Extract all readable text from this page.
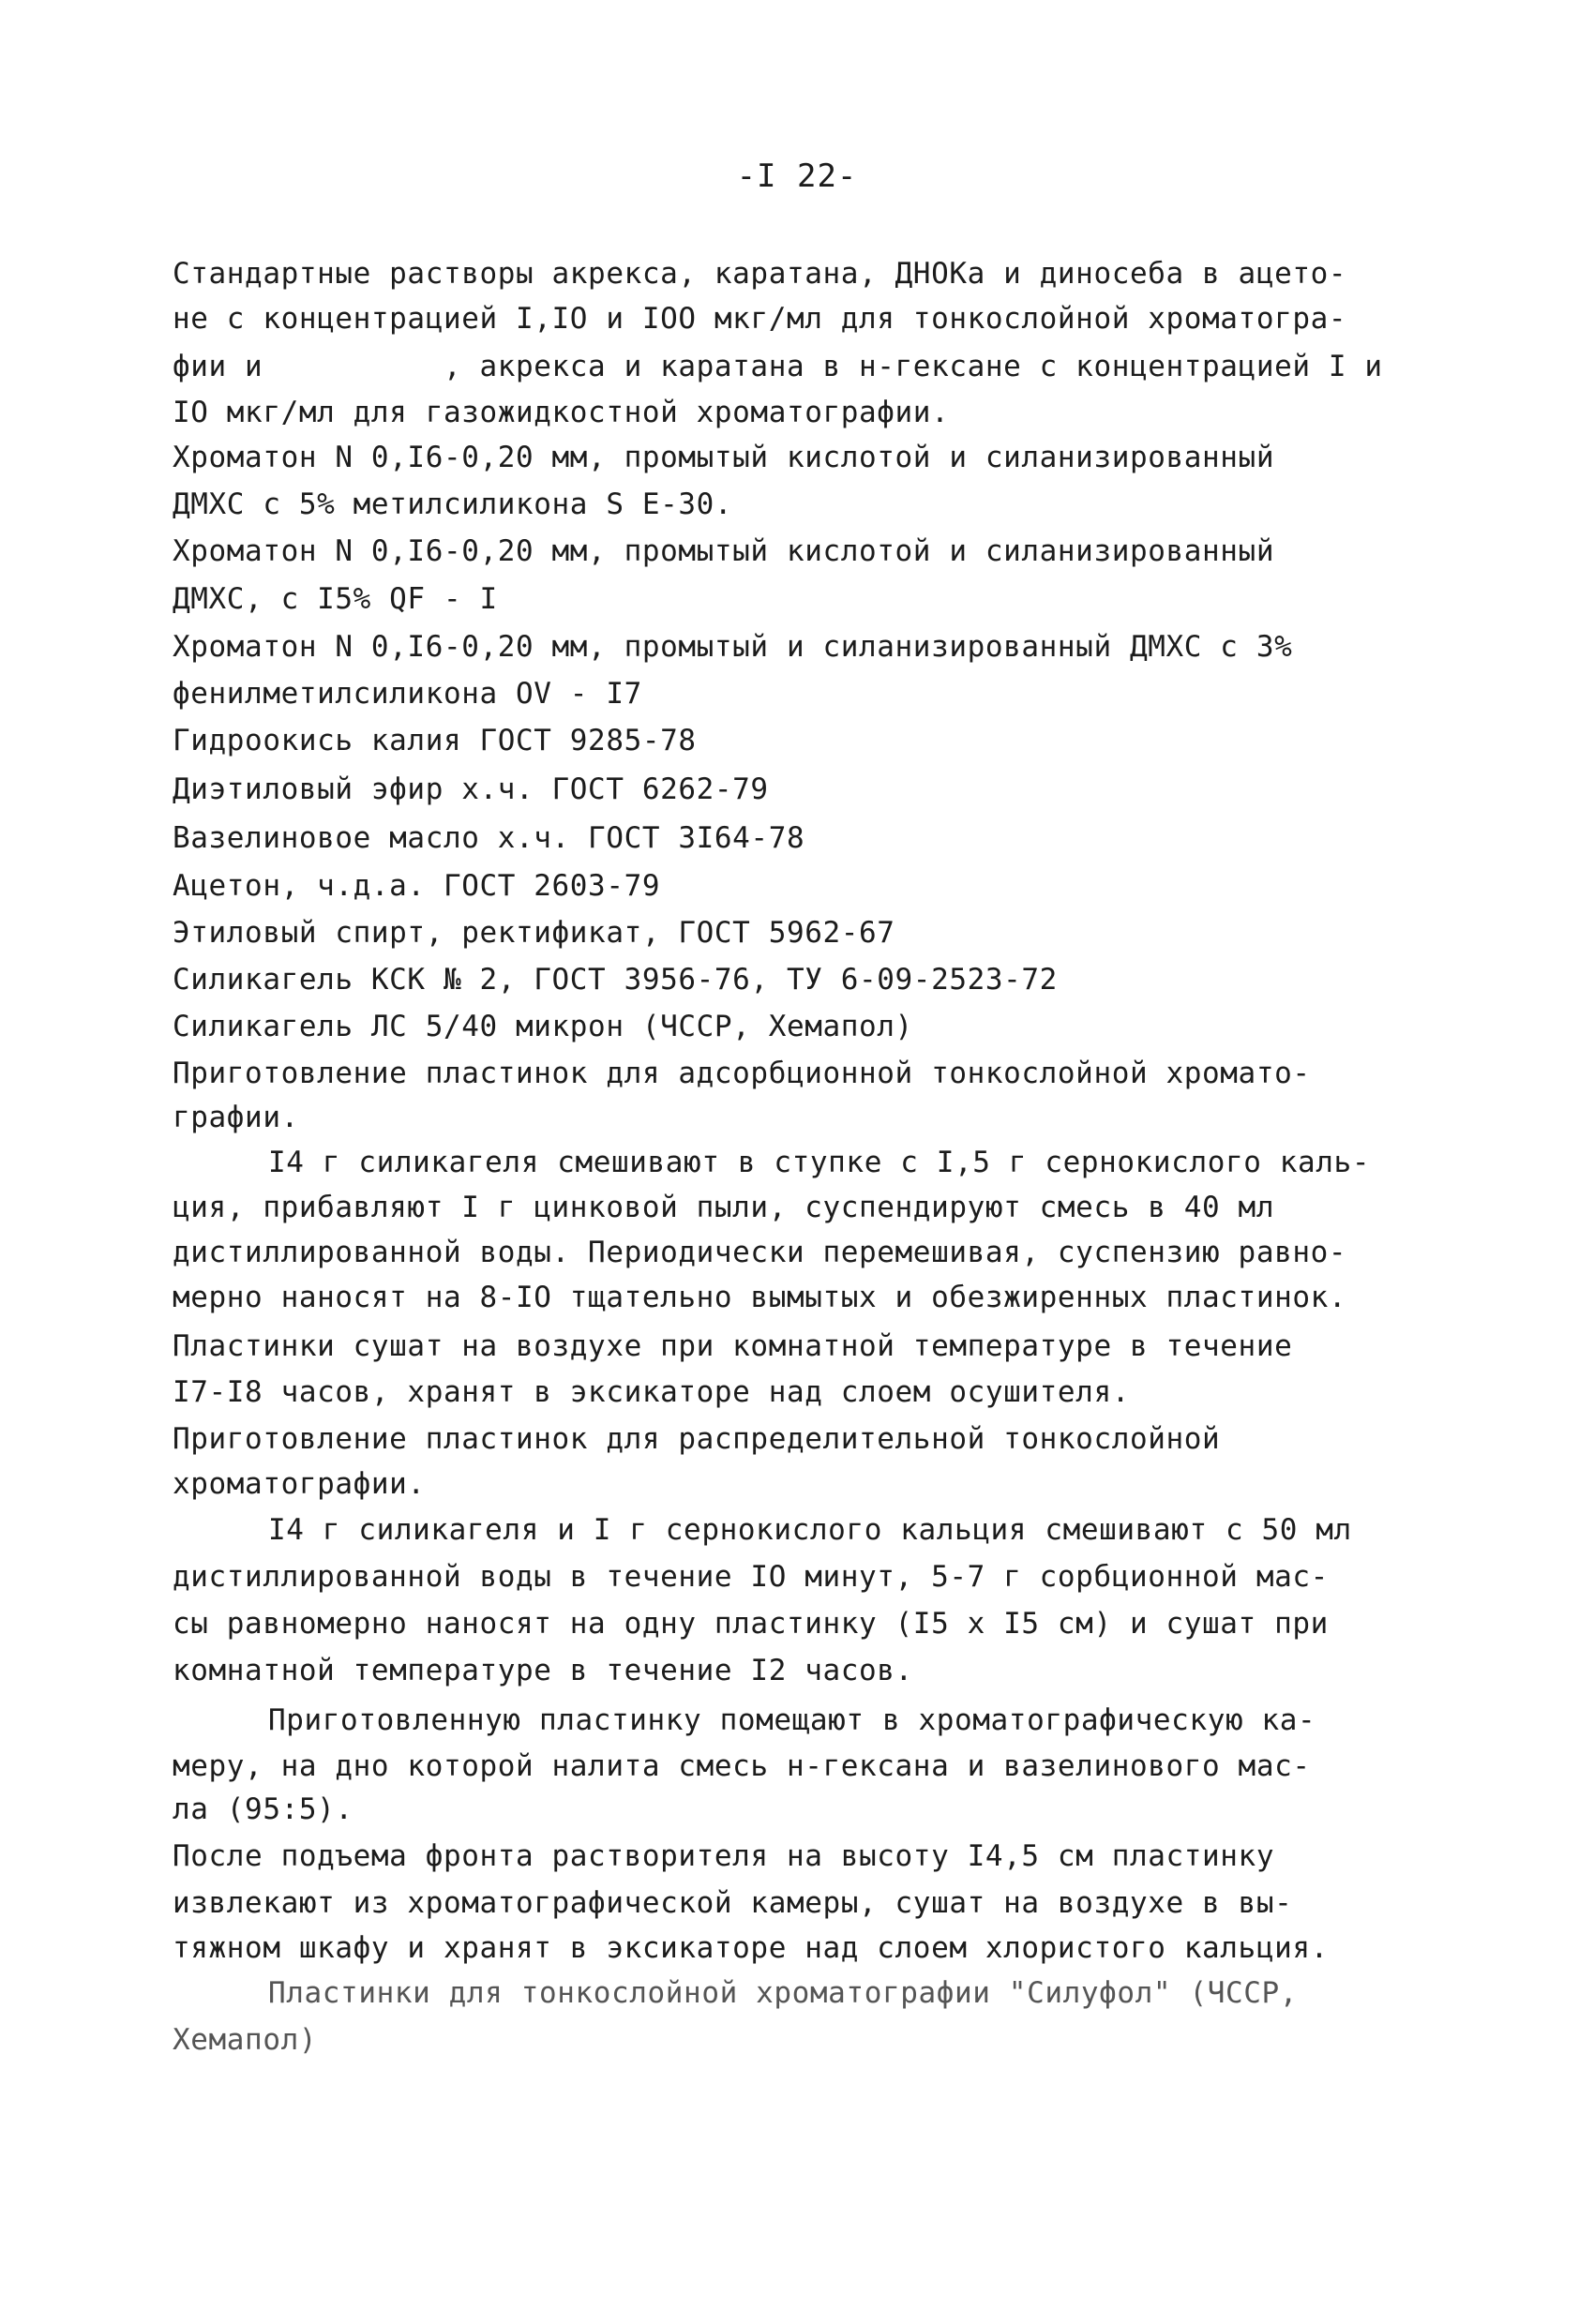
-I 22-
Стандартные растворы акрекса, каратана, ДНОКа и диносеба в ацето-
не с концентрацией I,IO и IOO мкг/мл для тонкослойной хроматогра-
фии и          , акрекса и каратана в н-гексане с концентрацией I и
IO мкг/мл для газожидкостной хроматографии.
Хроматон N 0,I6-0,20 мм, промытый кислотой и силанизированный
ДМХС с 5% метилсиликона S Е-30.
Хроматон N 0,I6-0,20 мм, промытый кислотой и силанизированный
ДМХС, с I5% QF - I
Хроматон N 0,I6-0,20 мм, промытый и силанизированный ДМХС с 3%
фенилметилсиликона OV - I7
Гидроокись калия ГОСТ 9285-78
Диэтиловый эфир х.ч. ГОСТ 6262-79
Вазелиновое масло х.ч. ГОСТ 3I64-78
Ацетон, ч.д.а. ГОСТ 2603-79
Этиловый спирт, ректификат, ГОСТ 5962-67
Силикагель КСК № 2, ГОСТ 3956-76, ТУ 6-09-2523-72
Силикагель ЛС 5/40 микрон (ЧССР, Хемапол)
Приготовление пластинок для адсорбционной тонкослойной хромато-
графии.
I4 г силикагеля смешивают в ступке с I,5 г сернокислого каль-
ция, прибавляют I г цинковой пыли, суспендируют смесь в 40 мл
дистиллированной воды. Периодически перемешивая, суспензию равно-
мерно наносят на 8-IO тщательно вымытых и обезжиренных пластинок.
Пластинки сушат на воздухе при комнатной температуре в течение
I7-I8 часов, хранят в эксикаторе над слоем осушителя.
Приготовление пластинок для распределительной тонкослойной
хроматографии.
I4 г силикагеля и I г сернокислого кальция смешивают с 50 мл
дистиллированной воды в течение IO минут, 5-7 г сорбционной мас-
сы равномерно наносят на одну пластинку (I5 х I5 см) и сушат при
комнатной температуре в течение I2 часов.
Приготовленную пластинку помещают в хроматографическую ка-
меру, на дно которой налита смесь н-гексана и вазелинового мас-
ла (95:5).
После подъема фронта растворителя на высоту I4,5 см пластинку
извлекают из хроматографической камеры, сушат на воздухе в вы-
тяжном шкафу и хранят в эксикаторе над слоем хлористого кальция.
Пластинки для тонкослойной хроматографии "Силуфол" (ЧССР,
Хемапол)
